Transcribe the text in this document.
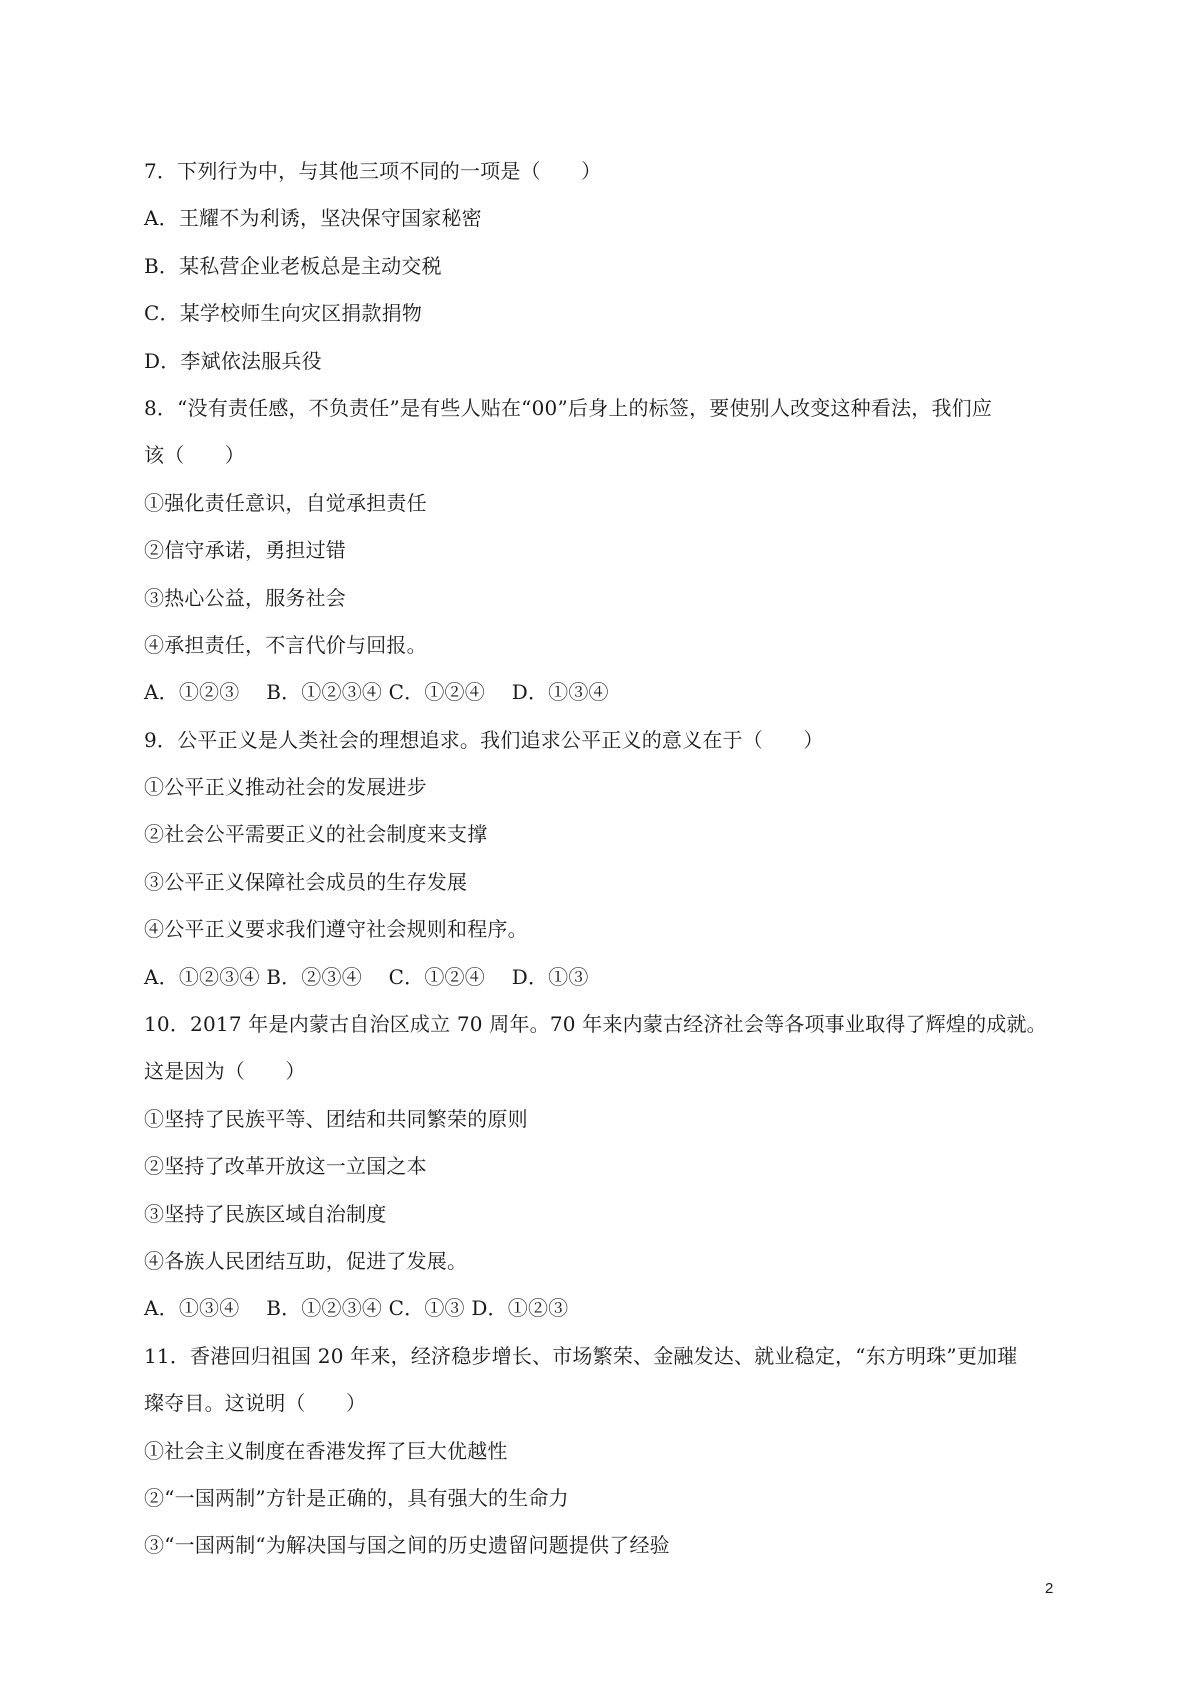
7．下列行为中，与其他三项不同的一项是（　　）
A．王耀不为利诱，坚决保守国家秘密
B．某私营企业老板总是主动交税
C．某学校师生向灾区捐款捐物
D．李斌依法服兵役
8．“没有责任感，不负责任”是有些人贴在“00”后身上的标签，要使别人改变这种看法，我们应
该（　　）
①强化责任意识，自觉承担责任
②信守承诺，勇担过错
③热心公益，服务社会
④承担责任，不言代价与回报。
A．①②③　 B．①②③④ C．①②④　 D．①③④
9．公平正义是人类社会的理想追求。我们追求公平正义的意义在于（　　）
①公平正义推动社会的发展进步
②社会公平需要正义的社会制度来支撑
③公平正义保障社会成员的生存发展
④公平正义要求我们遵守社会规则和程序。
A．①②③④ B．②③④　 C．①②④　 D．①③
10．2017 年是内蒙古自治区成立 70 周年。70 年来内蒙古经济社会等各项事业取得了辉煌的成就。
这是因为（　　）
①坚持了民族平等、团结和共同繁荣的原则
②坚持了改革开放这一立国之本
③坚持了民族区域自治制度
④各族人民团结互助，促进了发展。
A．①③④　 B．①②③④ C．①③ D．①②③
11．香港回归祖国 20 年来，经济稳步增长、市场繁荣、金融发达、就业稳定，“东方明珠”更加璀
璨夺目。这说明（　　）
①社会主义制度在香港发挥了巨大优越性
②“一国两制”方针是正确的，具有强大的生命力
③“一国两制“为解决国与国之间的历史遗留问题提供了经验
2
